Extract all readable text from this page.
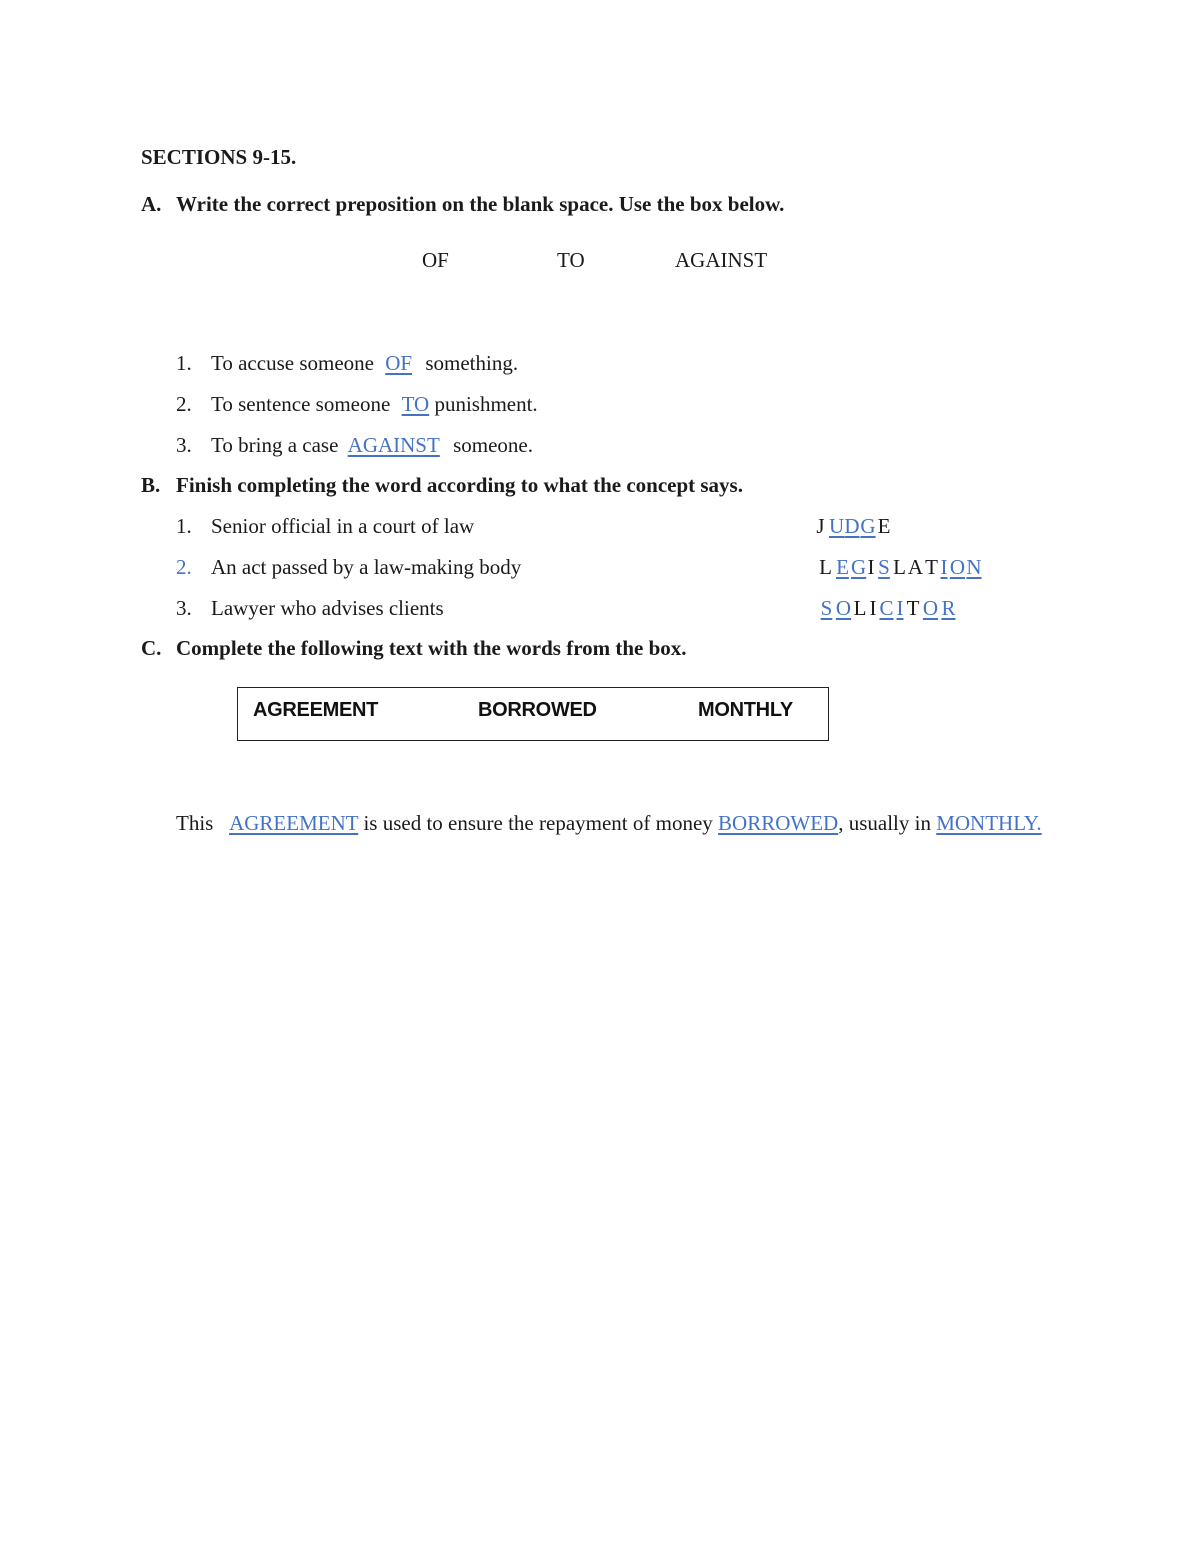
SECTIONS 9-15.
A. Write the correct preposition on the blank space. Use the box below.
OF	TO	AGAINST
1. To accuse someone OF something.
2. To sentence someone TO punishment.
3. To bring a case AGAINST someone.
B. Finish completing the word according to what the concept says.
1. Senior official in a court of law	J UDGE
2. An act passed by a law-making body	L EGI S LAT I ON
3. Lawyer who advises clients	S O L I C I T O R
C. Complete the following text with the words from the box.
AGREEMENT	BORROWED	MONTHLY
This AGREEMENT is used to ensure the repayment of money BORROWED, usually in MONTHLY.
